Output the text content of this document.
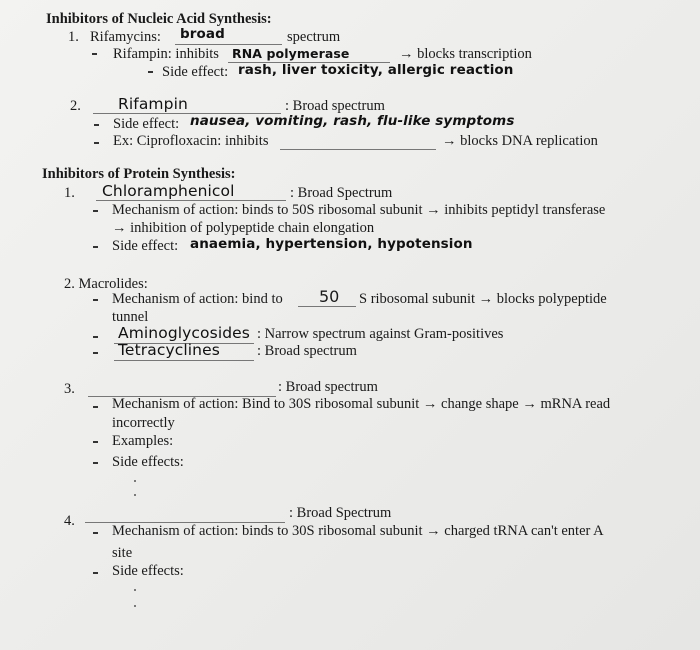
Inhibitors of Nucleic Acid Synthesis:
1. Rifamycins: broad	spectrum
Rifampin: inhibits RNA polymerase	→ blocks transcription
Side effect: rash, liver toxicity, allergic reaction
2. Rifampin	: Broad spectrum
Side effect: nausea, vomiting, rash, flu-like symptoms
Ex: Ciprofloxacin: inhibits	→ blocks DNA replication
Inhibitors of Protein Synthesis:
1. Chloramphenicol	: Broad Spectrum
Mechanism of action: binds to 50S ribosomal subunit → inhibits peptidyl transferase
→ inhibition of polypeptide chain elongation
Side effect: anaemia, hypertension, hypotension
2. Macrolides:
Mechanism of action: bind to 50 S ribosomal subunit → blocks polypeptide
tunnel
Aminoglycosides : Narrow spectrum against Gram-positives
Tetracyclines	: Broad spectrum
3.	: Broad spectrum
Mechanism of action: Bind to 30S ribosomal subunit → change shape → mRNA read
incorrectly
Examples:
Side effects:
4.	: Broad Spectrum
Mechanism of action: binds to 30S ribosomal subunit → charged tRNA can't enter A
site
Side effects:
